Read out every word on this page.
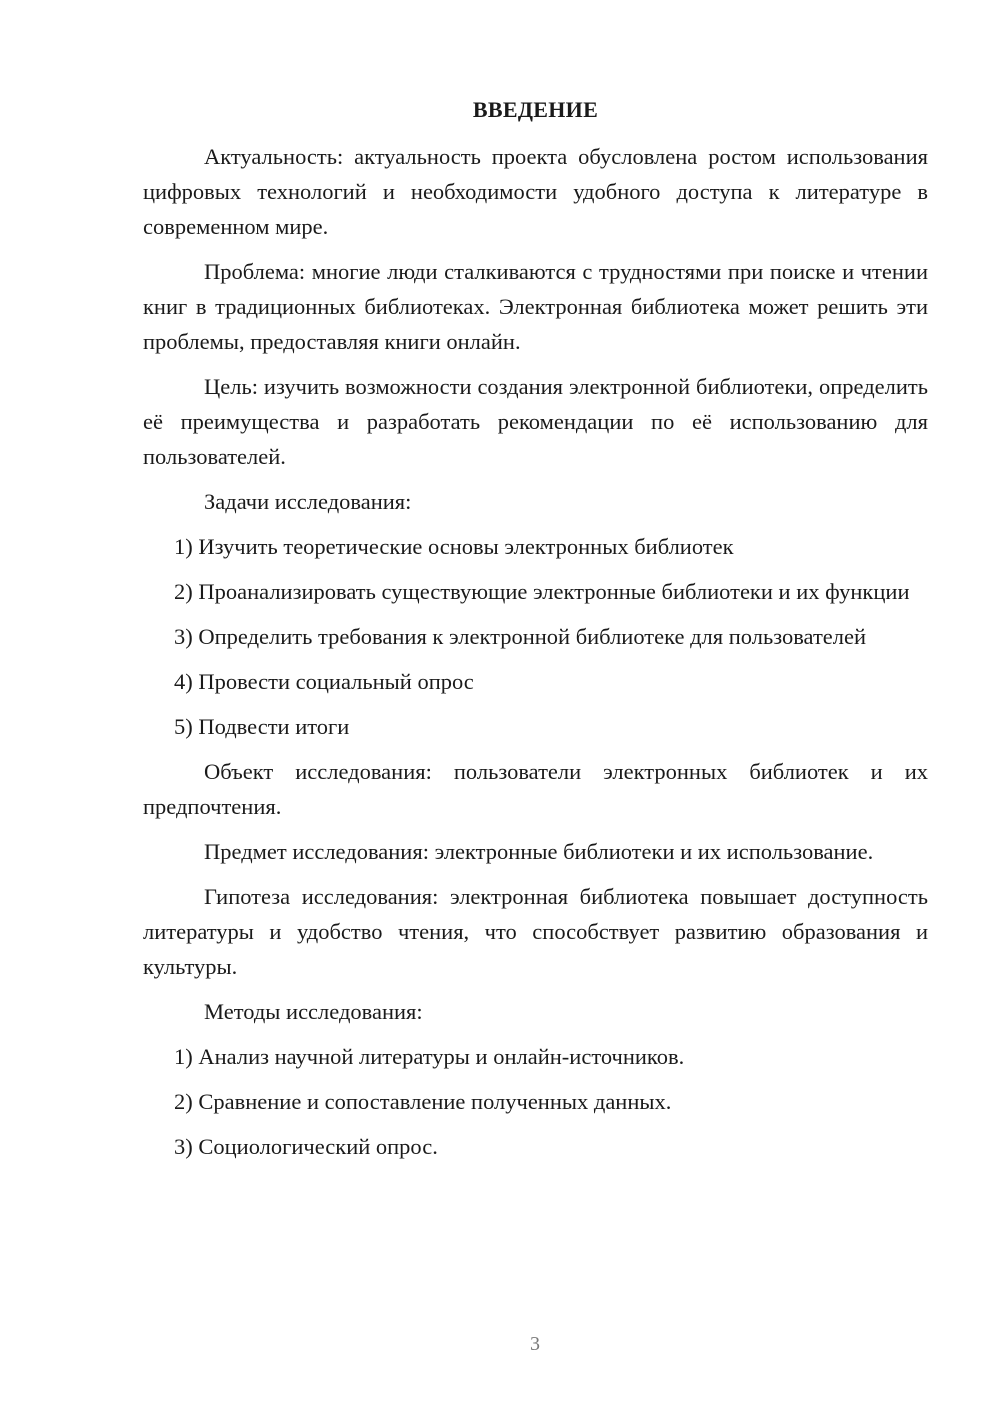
ВВЕДЕНИЕ

Актуальность: актуальность проекта обусловлена ростом использования цифровых технологий и необходимости удобного доступа к литературе в современном мире.

Проблема: многие люди сталкиваются с трудностями при поиске и чтении книг в традиционных библиотеках. Электронная библиотека может решить эти проблемы, предоставляя книги онлайн.

Цель: изучить возможности создания электронной библиотеки, определить её преимущества и разработать рекомендации по её использованию для пользователей.

Задачи исследования:

1) Изучить теоретические основы электронных библиотек

2) Проанализировать существующие электронные библиотеки и их функции

3) Определить требования к электронной библиотеке для пользователей

4) Провести социальный опрос

5) Подвести итоги

Объект исследования: пользователи электронных библиотек и их предпочтения.

Предмет исследования: электронные библиотеки и их использование.

Гипотеза исследования: электронная библиотека повышает доступность литературы и удобство чтения, что способствует развитию образования и культуры.

Методы исследования:

1) Анализ научной литературы и онлайн-источников.

2) Сравнение и сопоставление полученных данных.

3) Социологический опрос.

3
